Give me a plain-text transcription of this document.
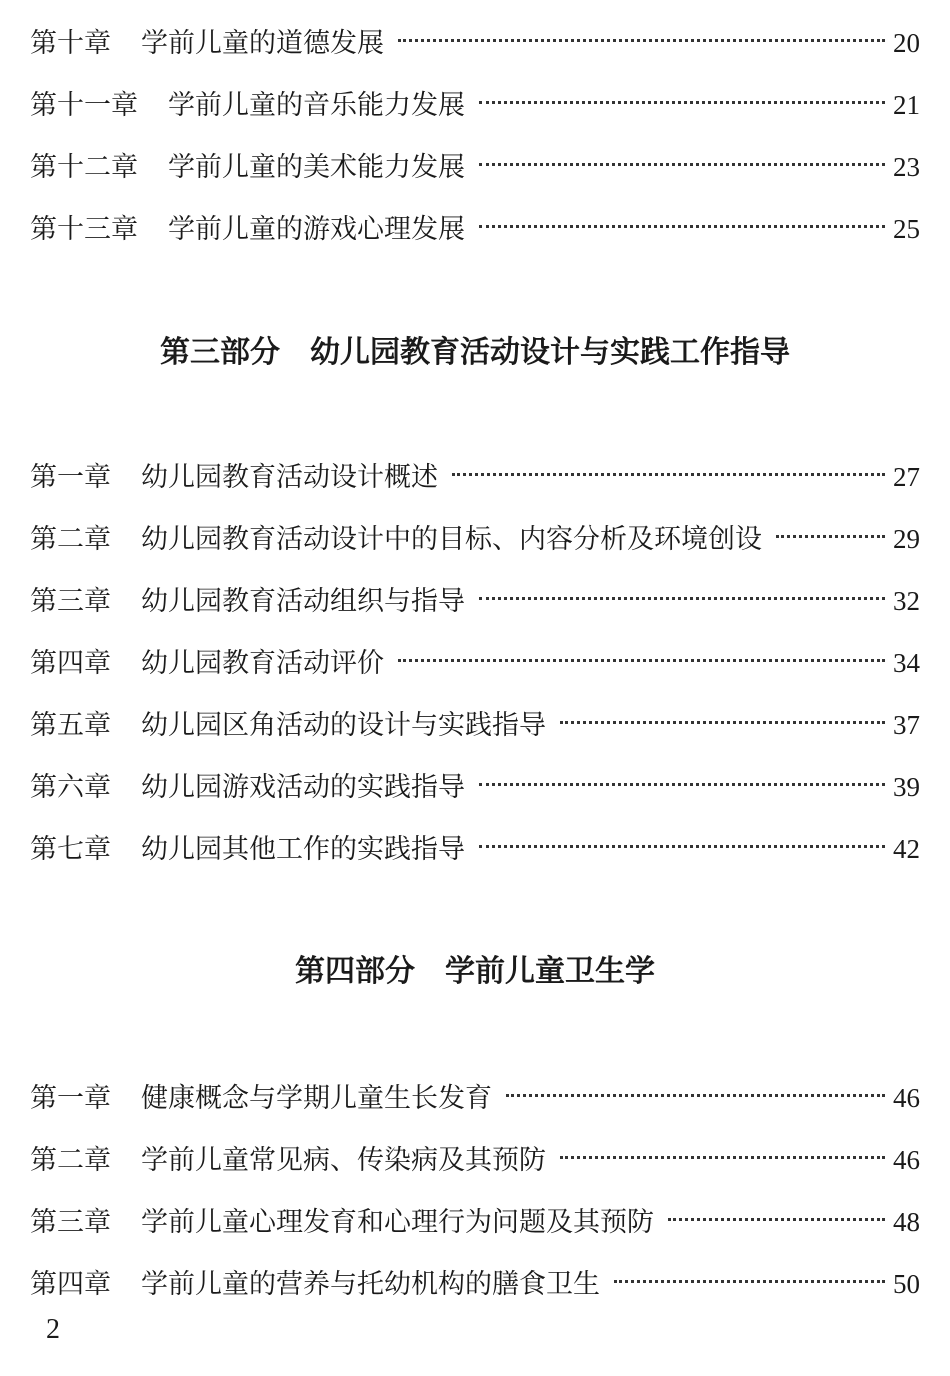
第十章 学前儿童的道德发展	20
第十一章 学前儿童的音乐能力发展	21
第十二章 学前儿童的美术能力发展	23
第十三章 学前儿童的游戏心理发展	25
第三部分 幼儿园教育活动设计与实践工作指导
第一章 幼儿园教育活动设计概述	27
第二章 幼儿园教育活动设计中的目标、内容分析及环境创设	29
第三章 幼儿园教育活动组织与指导	32
第四章 幼儿园教育活动评价	34
第五章 幼儿园区角活动的设计与实践指导	37
第六章 幼儿园游戏活动的实践指导	39
第七章 幼儿园其他工作的实践指导	42
第四部分 学前儿童卫生学
第一章 健康概念与学期儿童生长发育	46
第二章 学前儿童常见病、传染病及其预防	46
第三章 学前儿童心理发育和心理行为问题及其预防	48
第四章 学前儿童的营养与托幼机构的膳食卫生	50
2
